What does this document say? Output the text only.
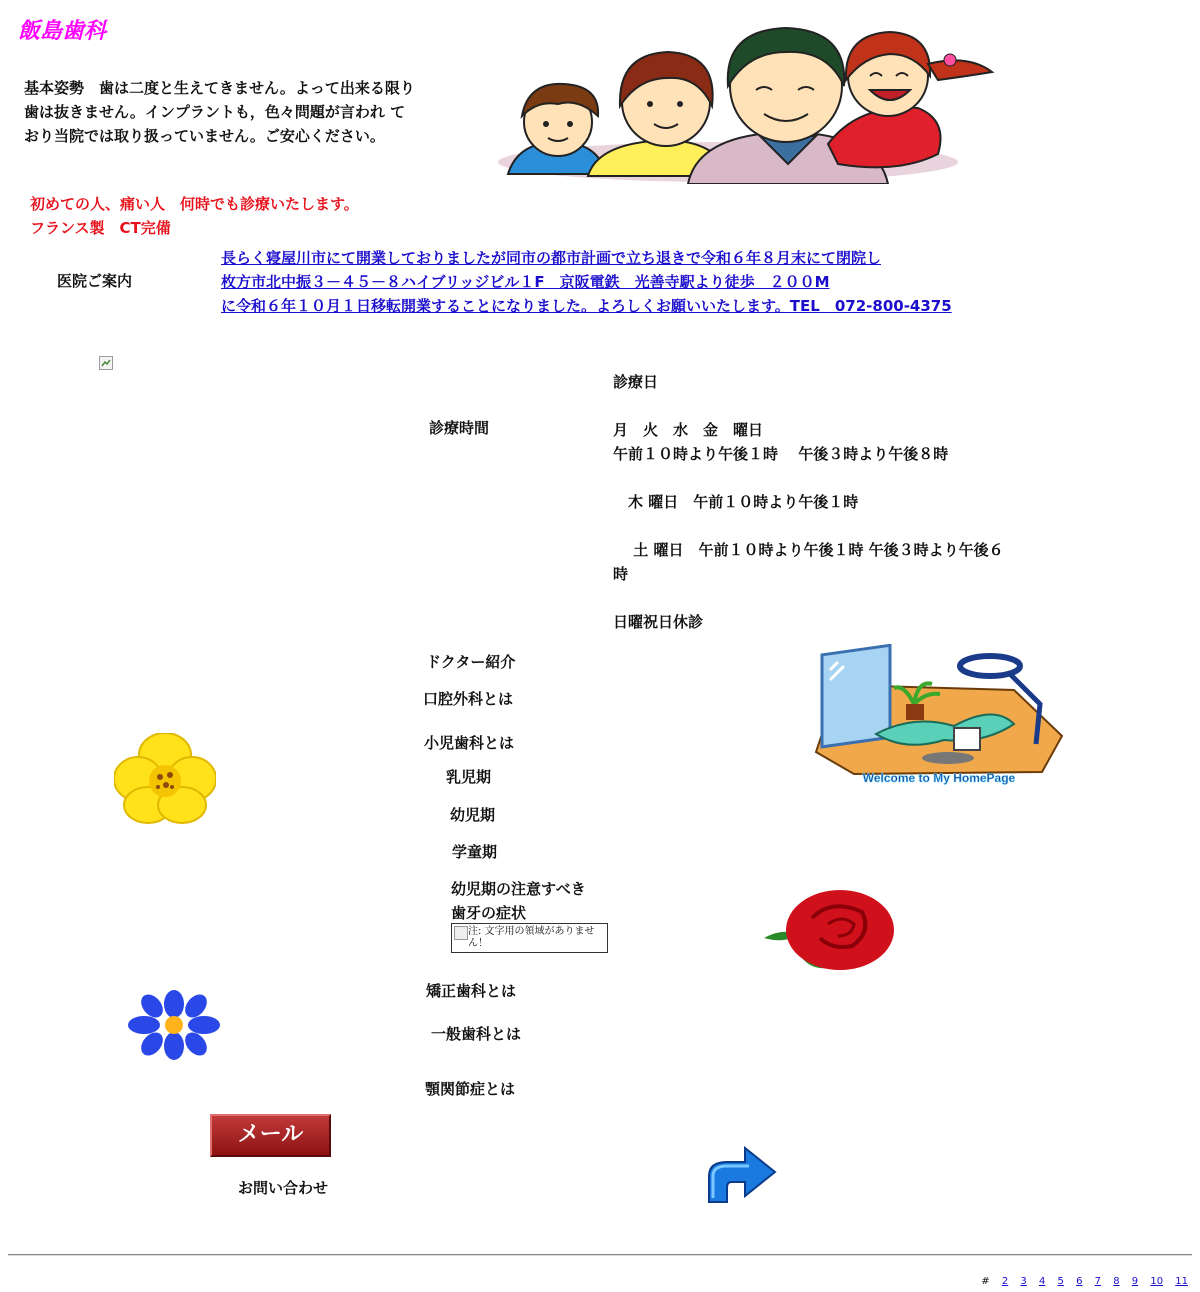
飯島歯科
基本姿勢　歯は二度と生えてきません。よって出来る限り歯は抜きません。インプラントも，色々問題が言われ ており当院では取り扱っていません。ご安心ください。
初めての人、痛い人　何時でも診療いたします。
フランス製　CT完備
医院ご案内
長らく寝屋川市にて開業しておりましたが同市の都市計画で立ち退きで令和６年８月末にて閉院し
枚方市北中振３－４５－８ハイブリッジビル１F　京阪電鉄　光善寺駅より徒歩　２００M
に令和６年１０月１日移転開業することになりました。よろしくお願いいたします。TEL　072-800-4375
診療時間
診療日
月　火　水　金　曜日
午前１０時より午後１時　 午後３時より午後８時
　木 曜日　午前１０時より午後１時
　 土 曜日　午前１０時より午後１時 午後３時より午後６
時
日曜祝日休診
ドクター紹介
口腔外科とは
小児歯科とは
乳児期
幼児期
学童期
幼児期の注意すべき
歯牙の症状
注: 文字用の領域がありません！
矯正歯科とは
一般歯科とは
顎関節症とは
Welcome to My HomePage
メール
お問い合わせ
# 2 3 4 5 6 7 8 9 10 11
